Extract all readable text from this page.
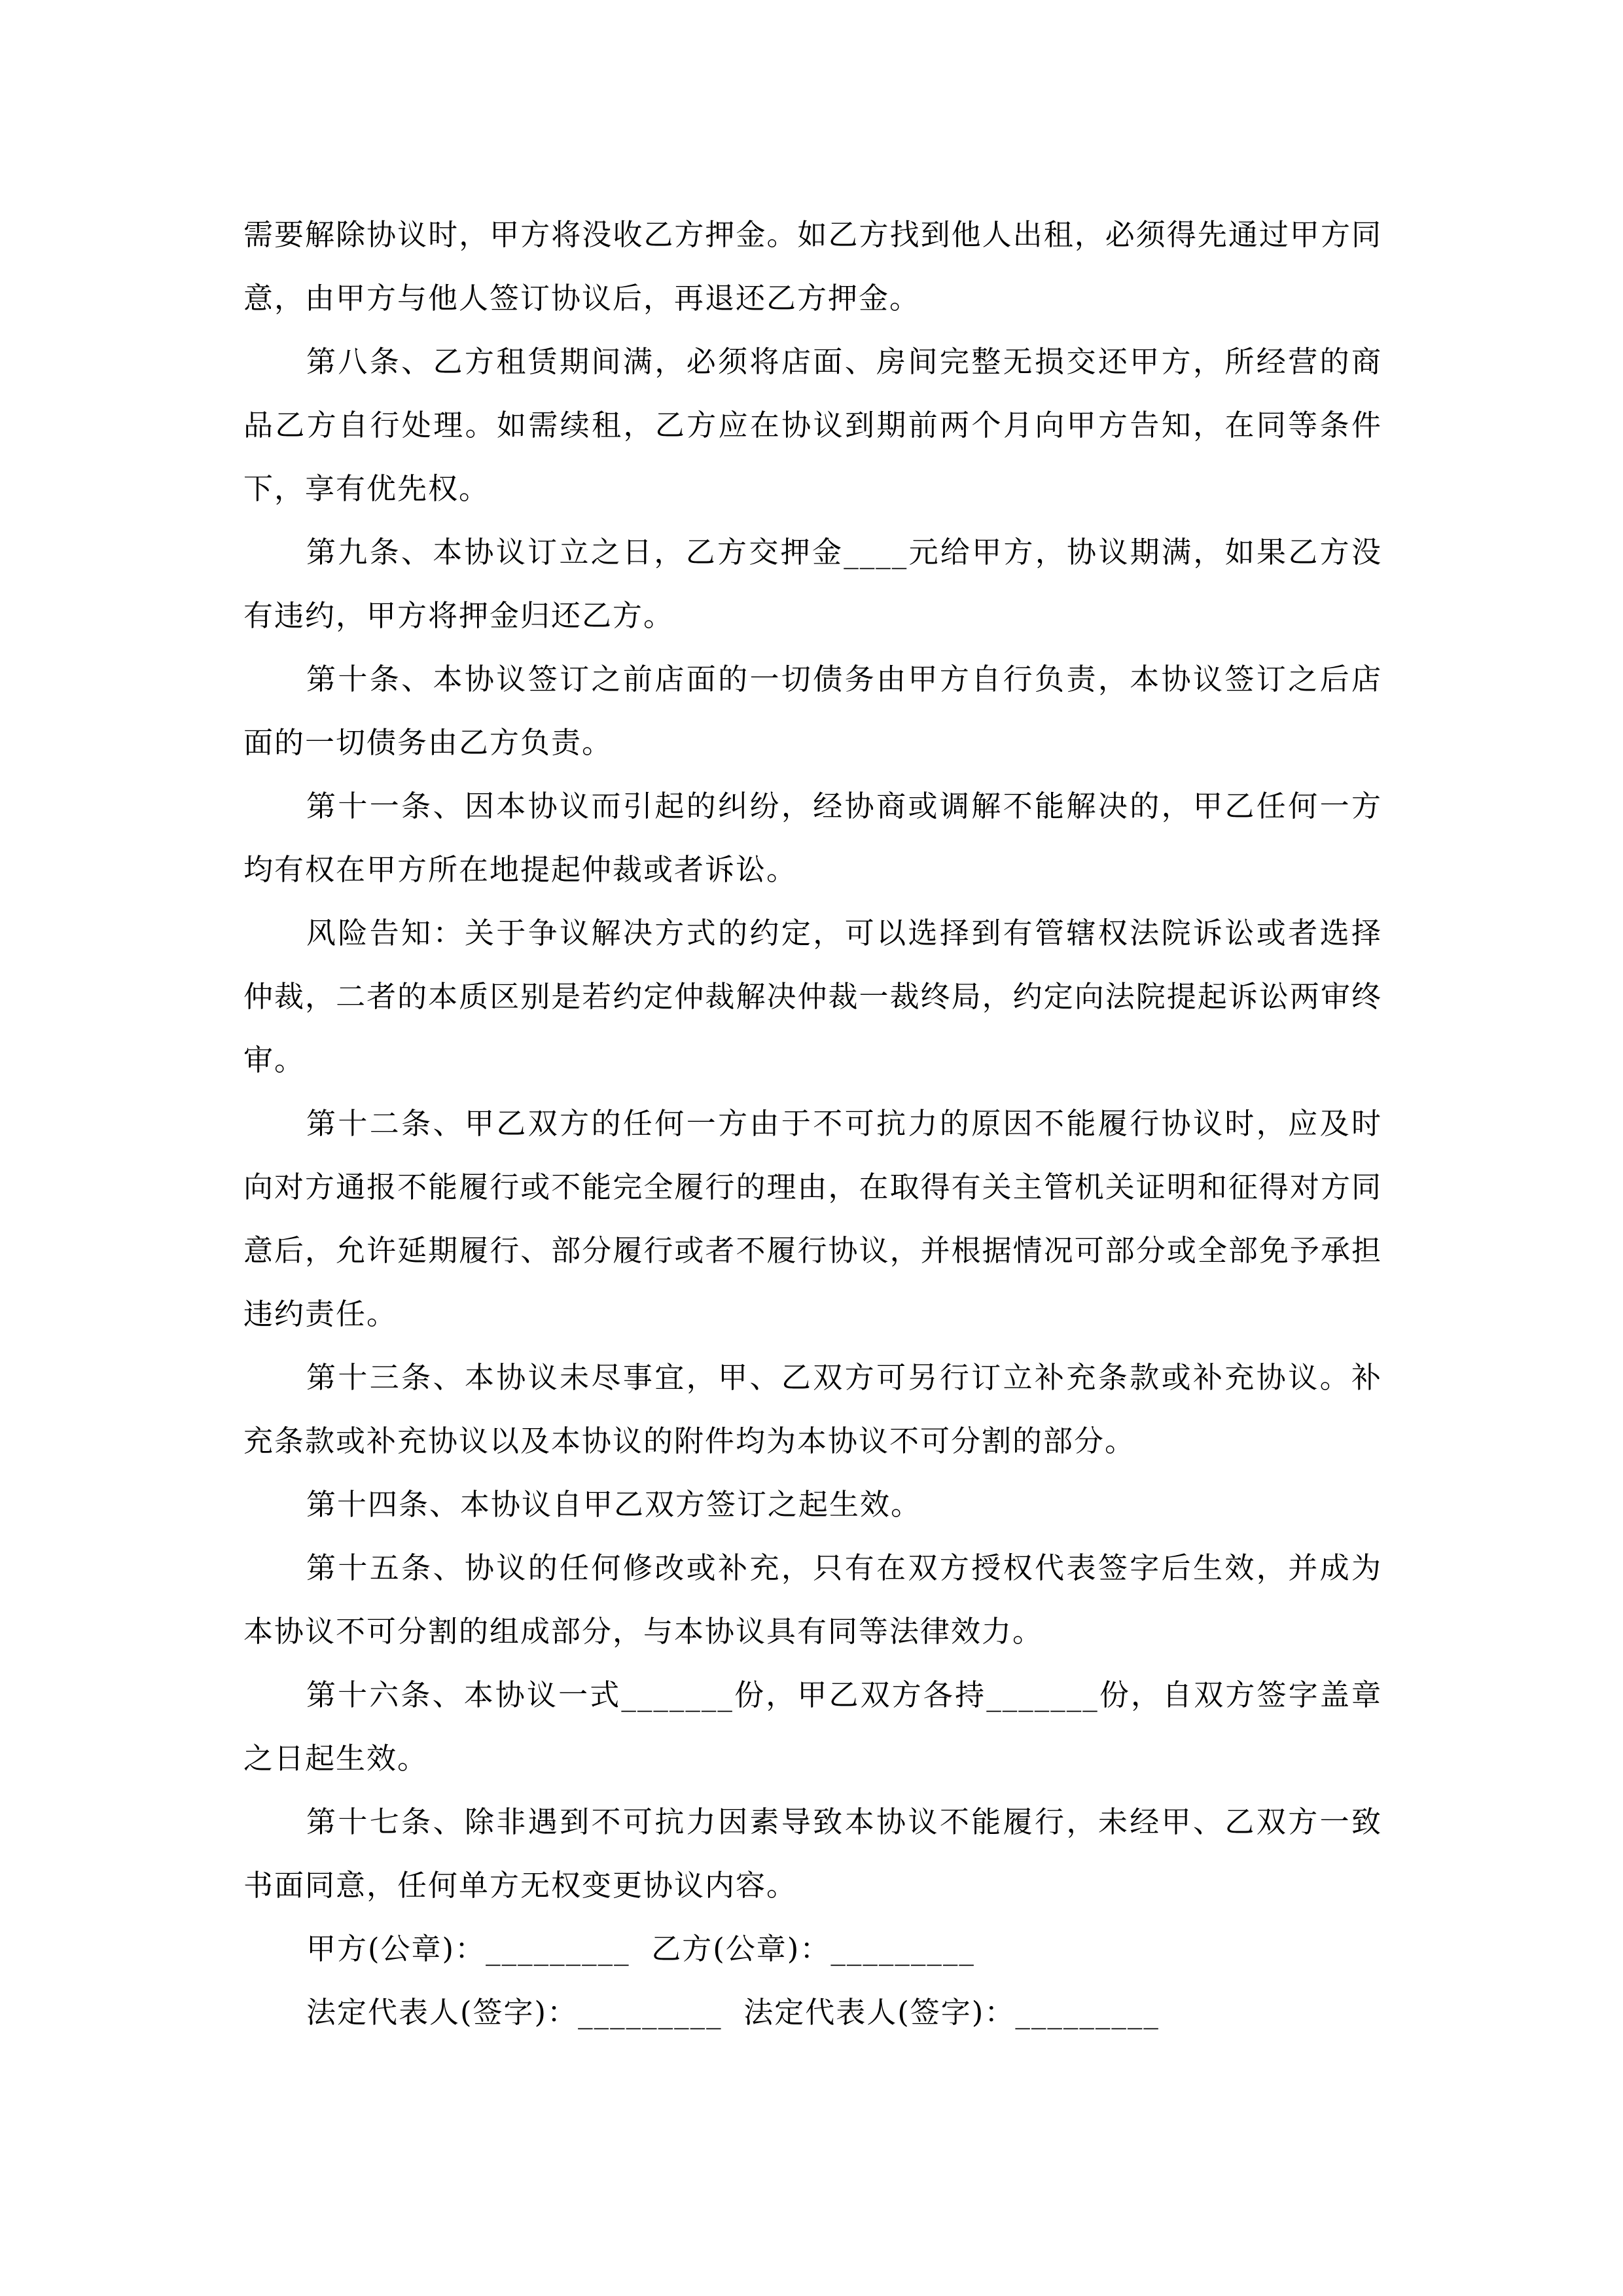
需要解除协议时，甲方将没收乙方押金。如乙方找到他人出租，必须得先通过甲方同意，由甲方与他人签订协议后，再退还乙方押金。

第八条、乙方租赁期间满，必须将店面、房间完整无损交还甲方，所经营的商品乙方自行处理。如需续租，乙方应在协议到期前两个月向甲方告知，在同等条件下，享有优先权。

第九条、本协议订立之日，乙方交押金____元给甲方，协议期满，如果乙方没有违约，甲方将押金归还乙方。

第十条、本协议签订之前店面的一切债务由甲方自行负责，本协议签订之后店面的一切债务由乙方负责。

第十一条、因本协议而引起的纠纷，经协商或调解不能解决的，甲乙任何一方均有权在甲方所在地提起仲裁或者诉讼。

风险告知：关于争议解决方式的约定，可以选择到有管辖权法院诉讼或者选择仲裁，二者的本质区别是若约定仲裁解决仲裁一裁终局，约定向法院提起诉讼两审终审。

第十二条、甲乙双方的任何一方由于不可抗力的原因不能履行协议时，应及时向对方通报不能履行或不能完全履行的理由，在取得有关主管机关证明和征得对方同意后，允许延期履行、部分履行或者不履行协议，并根据情况可部分或全部免予承担违约责任。

第十三条、本协议未尽事宜，甲、乙双方可另行订立补充条款或补充协议。补充条款或补充协议以及本协议的附件均为本协议不可分割的部分。

第十四条、本协议自甲乙双方签订之起生效。

第十五条、协议的任何修改或补充，只有在双方授权代表签字后生效，并成为本协议不可分割的组成部分，与本协议具有同等法律效力。

第十六条、本协议一式_______份，甲乙双方各持_______份，自双方签字盖章之日起生效。

第十七条、除非遇到不可抗力因素导致本协议不能履行，未经甲、乙双方一致书面同意，任何单方无权变更协议内容。

甲方(公章)：_________  乙方(公章)：_________

法定代表人(签字)：_________  法定代表人(签字)：_________
